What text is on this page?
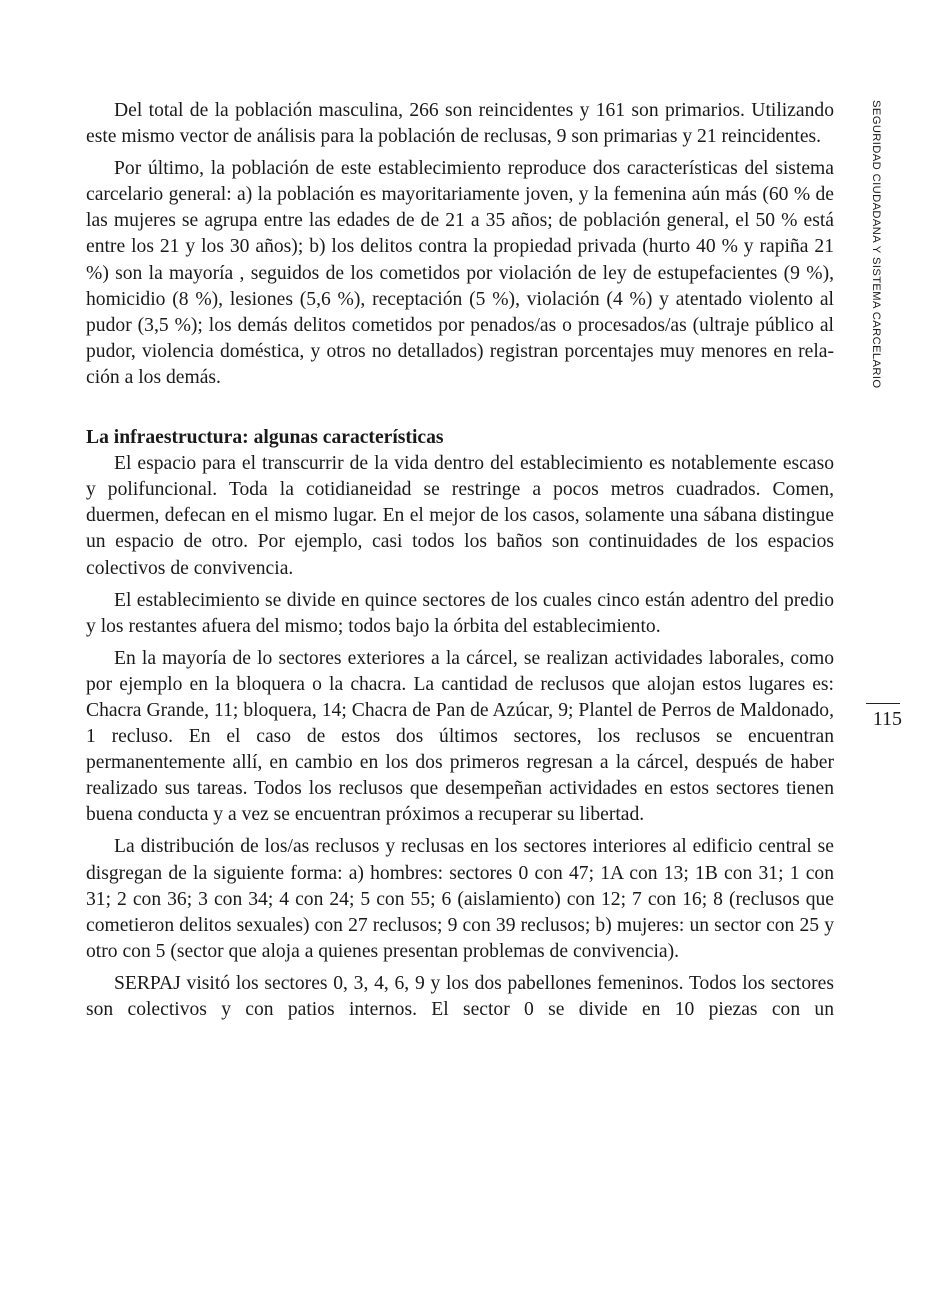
SEGURIDAD CIUDADANA Y SISTEMA CARCELARIO
115

Del total de la población masculina, 266 son reincidentes y 161 son primarios. Utilizando este mismo vector de análisis para la población de reclusas, 9 son primarias y 21 reincidentes.

Por último, la población de este establecimiento reproduce dos características del sistema carcelario general: a) la población es mayoritariamente joven, y la femenina aún más (60 % de las mujeres se agrupa entre las edades de de 21 a 35 años; de población general, el 50 % está entre los 21 y los 30 años); b) los delitos contra la propiedad privada (hurto 40 % y rapiña 21 %) son la mayoría , seguidos de los cometidos por violación de ley de estupefacientes (9 %), homicidio (8 %), lesiones (5,6 %), receptación (5 %), violación (4 %) y atentado violento al pudor (3,5 %); los demás delitos cometidos por penados/as o procesados/as (ultraje público al pudor, violencia doméstica, y otros no detallados) registran porcentajes muy menores en relación a los demás.

La infraestructura: algunas características

El espacio para el transcurrir de la vida dentro del establecimiento es notablemente escaso y polifuncional. Toda la cotidianeidad se restringe a pocos metros cuadrados. Comen, duermen, defecan en el mismo lugar. En el mejor de los casos, solamente una sábana distingue un espacio de otro. Por ejemplo, casi todos los baños son continuidades de los espacios colectivos de convivencia.

El establecimiento se divide en quince sectores de los cuales cinco están adentro del predio y los restantes afuera del mismo; todos bajo la órbita del establecimiento.

En la mayoría de lo sectores exteriores a la cárcel, se realizan actividades laborales, como por ejemplo en la bloquera o la chacra. La cantidad de reclusos que alojan estos lugares es: Chacra Grande, 11; bloquera, 14; Chacra de Pan de Azúcar, 9; Plantel de Perros de Maldonado, 1 recluso. En el caso de estos dos últimos sectores, los reclusos se encuentran permanentemente allí, en cambio en los dos primeros regresan a la cárcel, después de haber realizado sus tareas. Todos los reclusos que desempeñan actividades en estos sectores tienen buena conducta y a vez se encuentran próximos a recuperar su libertad.

La distribución de los/as reclusos y reclusas en los sectores interiores al edificio central se disgregan de la siguiente forma: a) hombres: sectores 0 con 47; 1A con 13; 1B con 31; 1 con 31; 2 con 36; 3 con 34; 4 con 24; 5 con 55; 6 (aislamiento) con 12; 7 con 16; 8 (reclusos que cometieron delitos sexuales) con 27 reclusos; 9 con 39 reclusos; b) mujeres: un sector con 25 y otro con 5 (sector que aloja a quienes presentan problemas de convivencia).

SERPAJ visitó los sectores 0, 3, 4, 6, 9 y los dos pabellones femeninos. Todos los sectores son colectivos y con patios internos. El sector 0 se divide en 10 piezas con un
